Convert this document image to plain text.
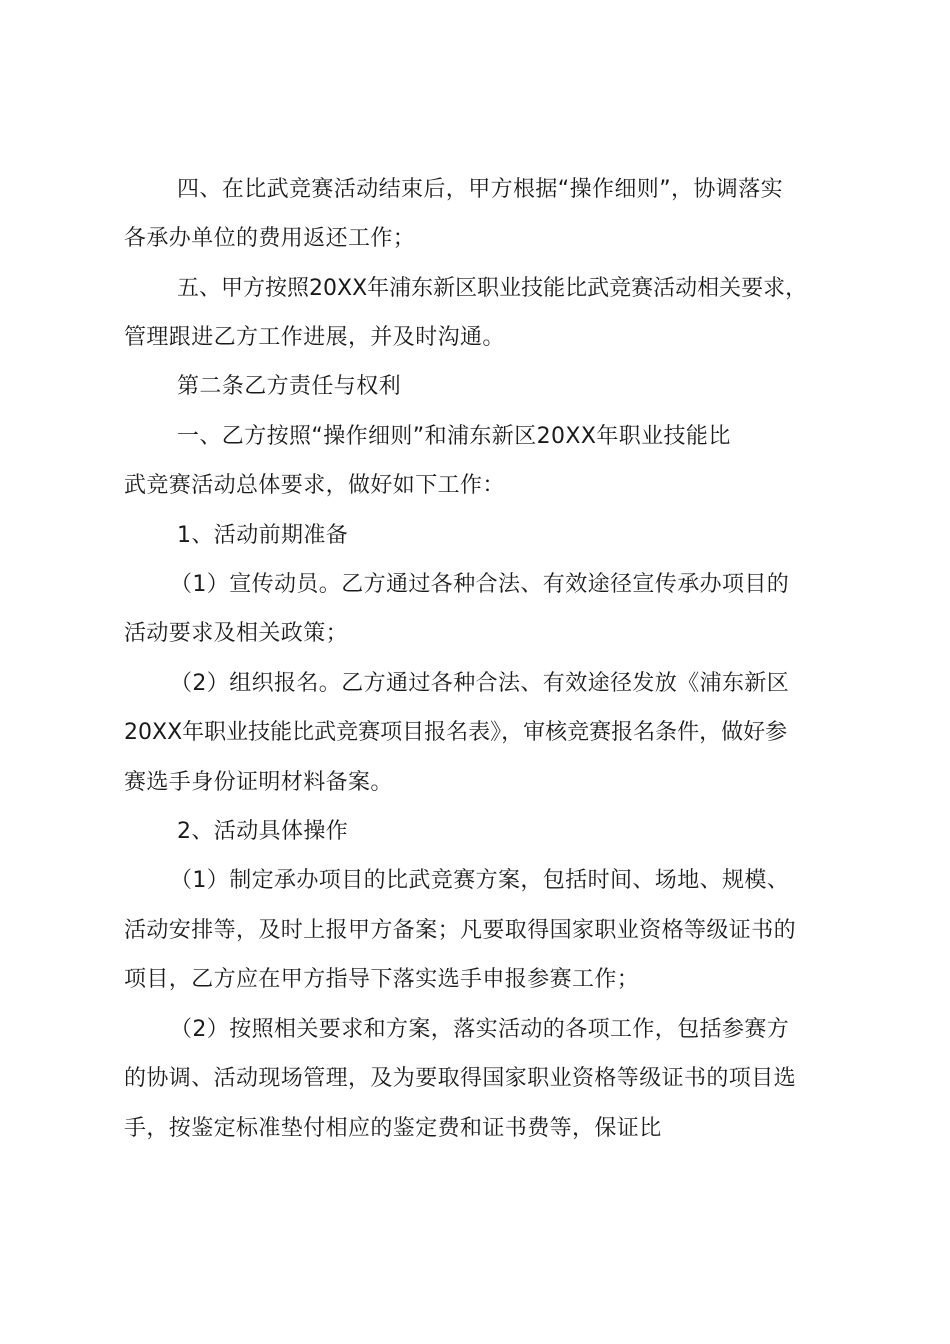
四、在比武竞赛活动结束后，甲方根据“操作细则”，协调落实
各承办单位的费用返还工作；
五、甲方按照20XX年浦东新区职业技能比武竞赛活动相关要求，
管理跟进乙方工作进展，并及时沟通。
第二条乙方责任与权利
一、乙方按照“操作细则”和浦东新区20XX年职业技能比
武竞赛活动总体要求，做好如下工作：
1、活动前期准备
（1）宣传动员。乙方通过各种合法、有效途径宣传承办项目的
活动要求及相关政策；
（2）组织报名。乙方通过各种合法、有效途径发放《浦东新区
20XX年职业技能比武竞赛项目报名表》，审核竞赛报名条件，做好参
赛选手身份证明材料备案。
2、活动具体操作
（1）制定承办项目的比武竞赛方案，包括时间、场地、规模、
活动安排等，及时上报甲方备案；凡要取得国家职业资格等级证书的
项目，乙方应在甲方指导下落实选手申报参赛工作；
（2）按照相关要求和方案，落实活动的各项工作，包括参赛方
的协调、活动现场管理，及为要取得国家职业资格等级证书的项目选
手，按鉴定标准垫付相应的鉴定费和证书费等，保证比
